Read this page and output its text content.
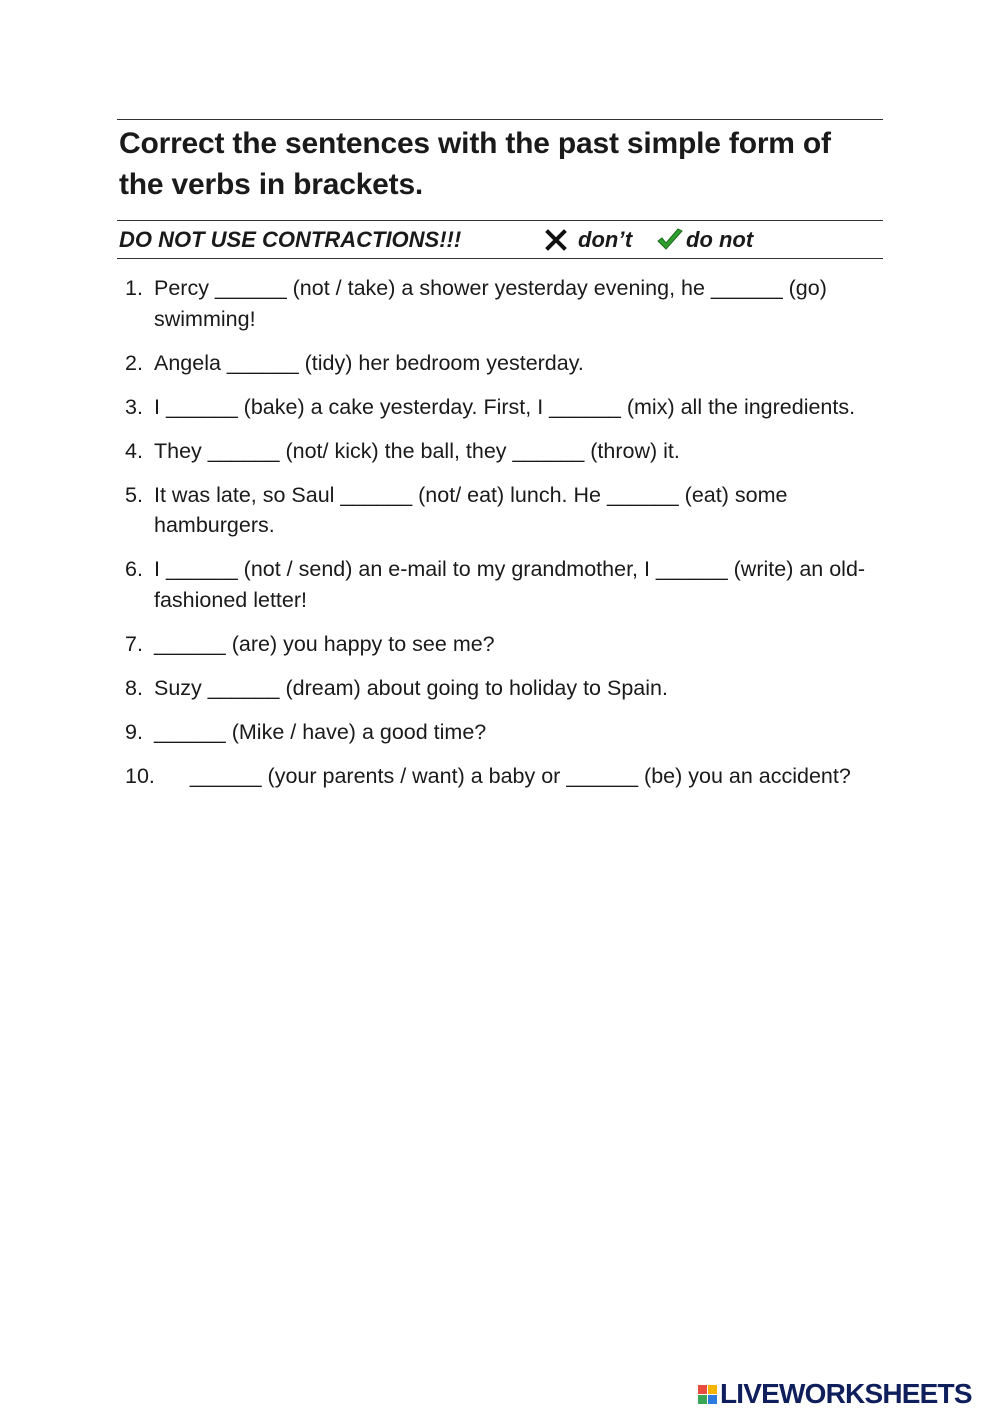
Correct the sentences with the past simple form of the verbs in brackets.
DO NOT USE CONTRACTIONS!!!	don’t	do not
1. Percy ______ (not / take) a shower yesterday evening, he ______ (go) swimming!
2. Angela ______ (tidy) her bedroom yesterday.
3. I ______ (bake) a cake yesterday. First, I ______ (mix) all the ingredients.
4. They ______ (not/ kick) the ball, they ______ (throw) it.
5. It was late, so Saul ______ (not/ eat) lunch. He ______ (eat) some hamburgers.
6. I ______ (not / send) an e-mail to my grandmother, I ______ (write) an old-fashioned letter!
7. ______ (are) you happy to see me?
8. Suzy ______ (dream) about going to holiday to Spain.
9. ______ (Mike / have) a good time?
10. ______ (your parents / want) a baby or ______ (be) you an accident?
LIVEWORKSHEETS
